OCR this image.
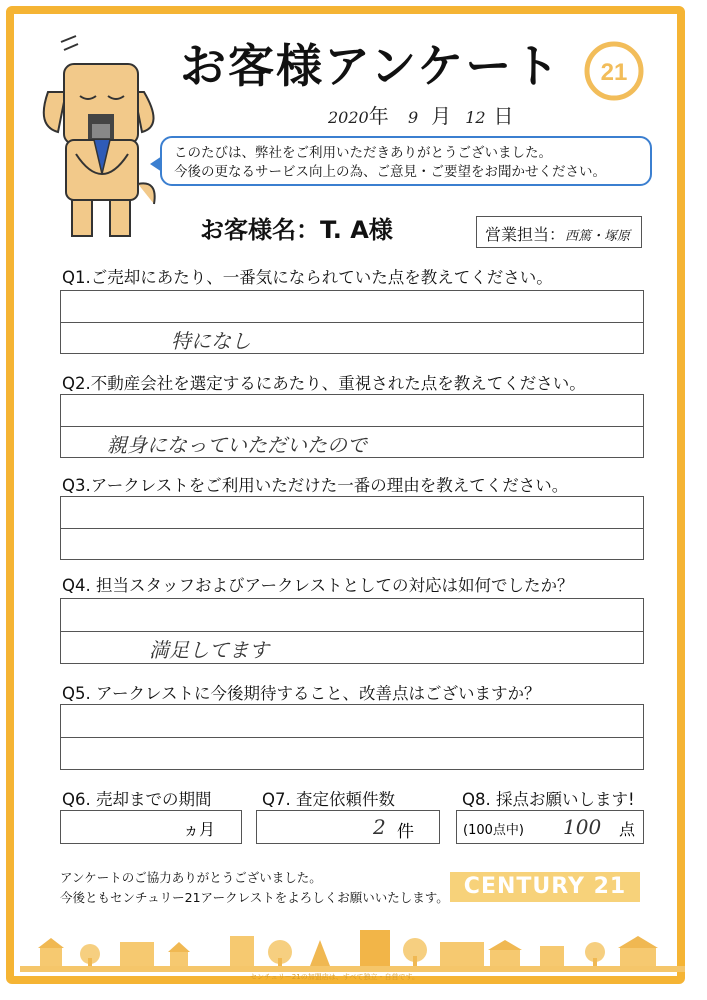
お客様アンケート 21
2020年 9 月 12 日
このたびは、弊社をご利用いただきありがとうございました。
今後の更なるサービス向上の為、ご意見・ご要望をお聞かせください。
お客様名：T. A様	営業担当：西篤・塚原
Q1.ご売却にあたり、一番気になられていた点を教えてください。
特になし
Q2.不動産会社を選定するにあたり、重視された点を教えてください。
親身になっていただいたので
Q3.アークレストをご利用いただけた一番の理由を教えてください。
Q4. 担当スタッフおよびアークレストとしての対応は如何でしたか？
満足してます
Q5. アークレストに今後期待すること、改善点はございますか？
Q6. 売却までの期間
ヵ月
Q7. 査定依頼件数
2 件
Q8. 採点お願いします!
(100点中) 100 点
アンケートのご協力ありがとうございました。
今後ともセンチュリー21アークレストをよろしくお願いいたします。 CENTURY 21
センチュリー21の加盟店は、すべて独立・自営です。
